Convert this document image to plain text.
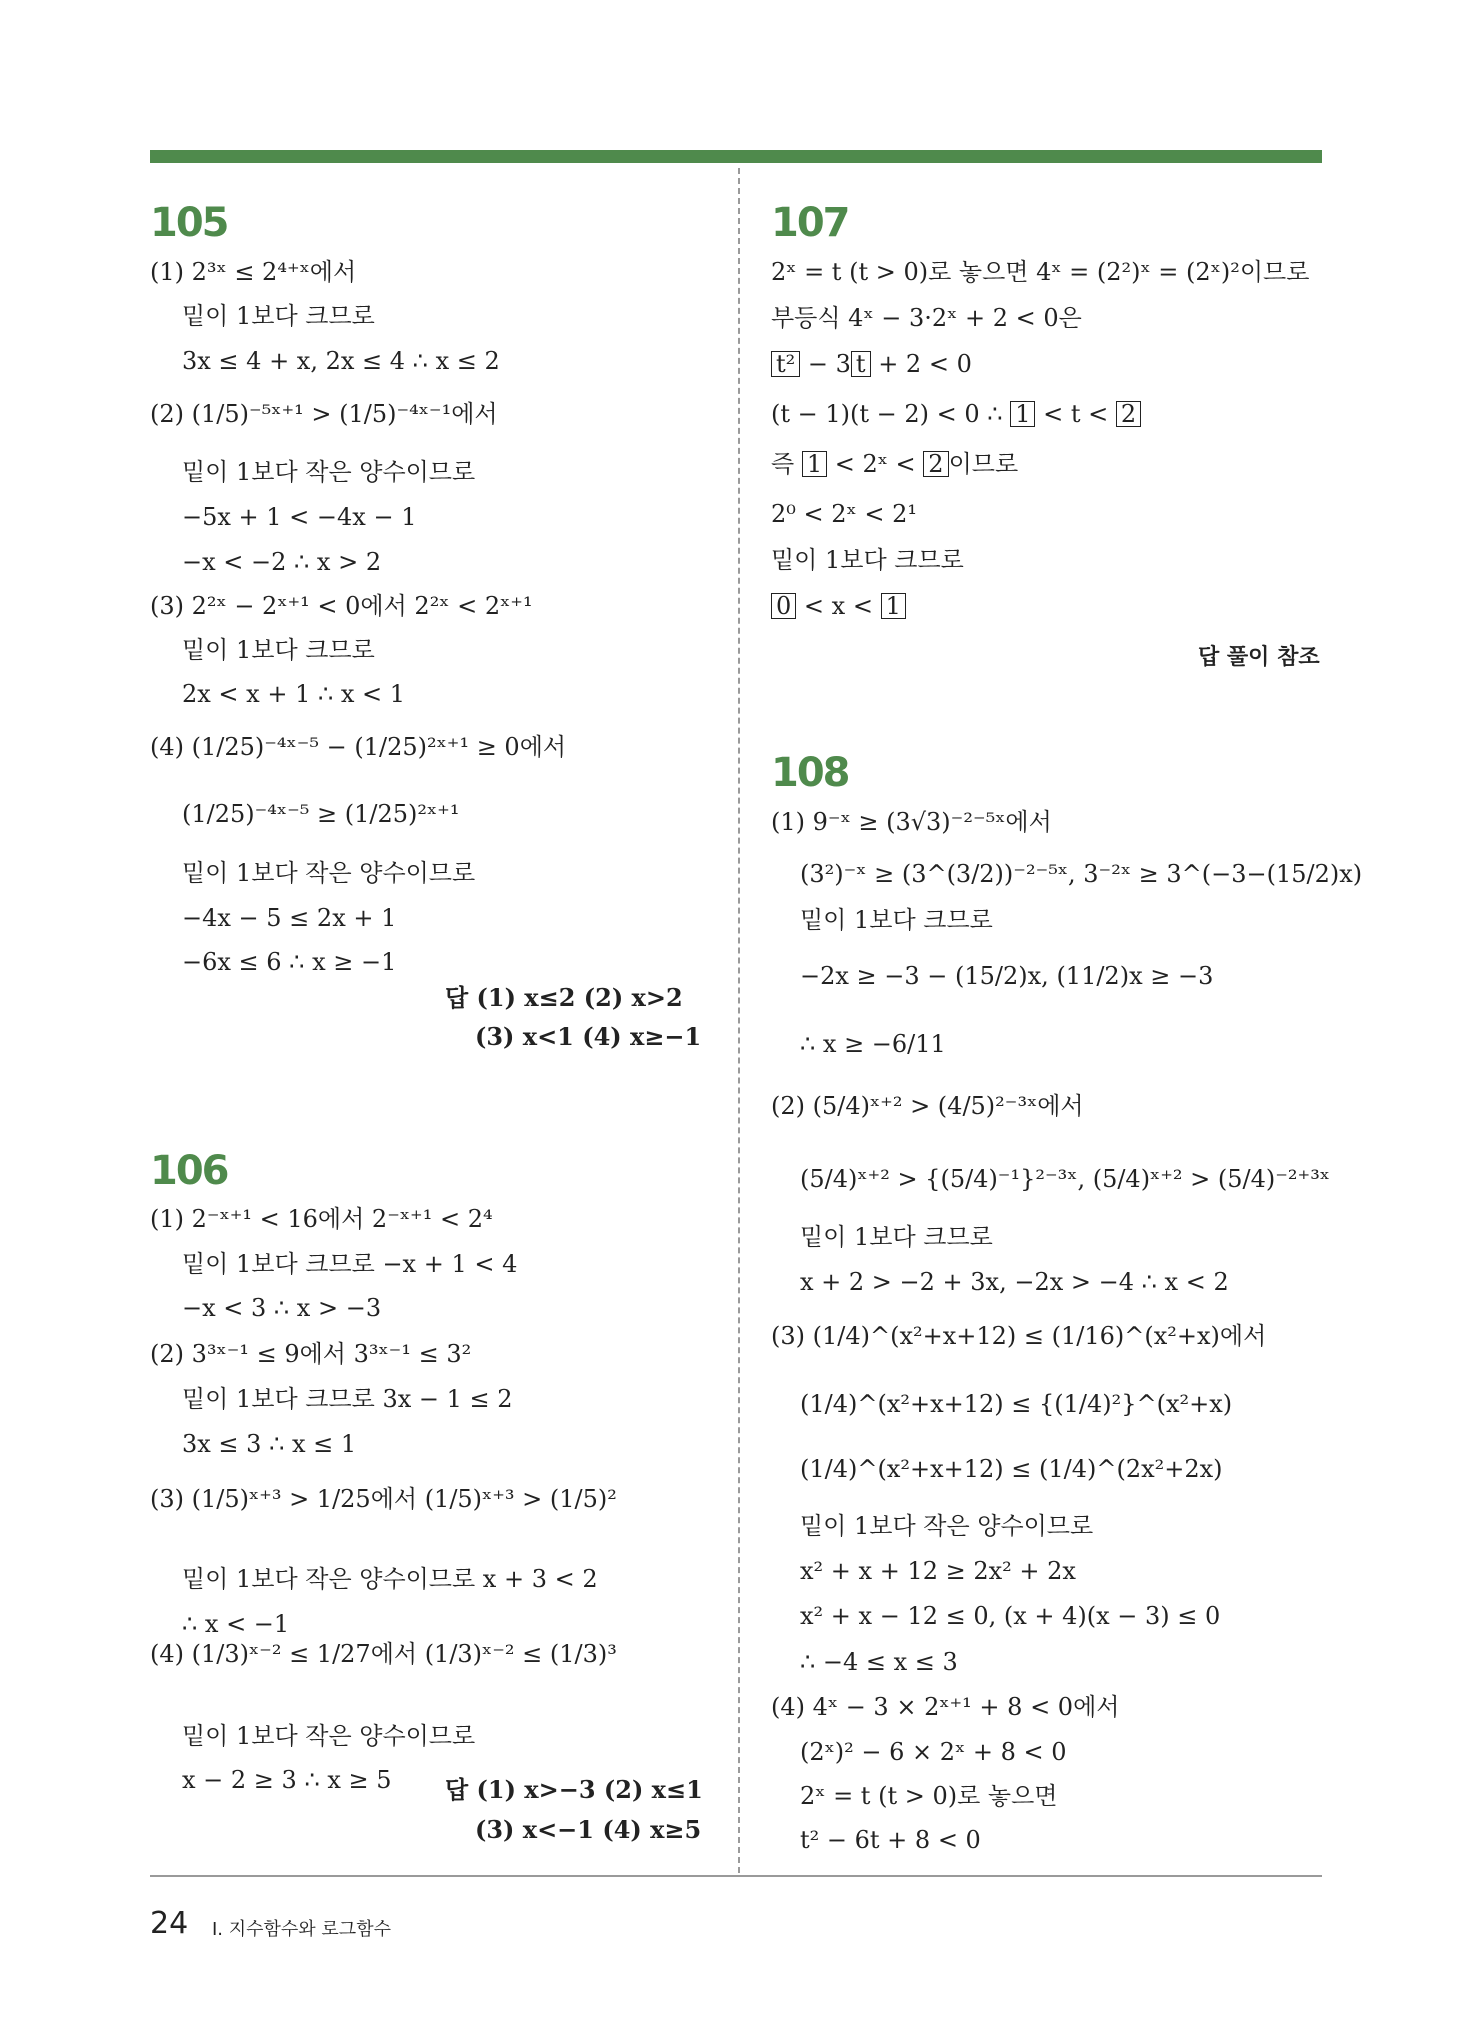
105
(1) 2³ˣ ≤ 2⁴⁺ˣ에서
밑이 1보다 크므로
3x ≤ 4 + x, 2x ≤ 4 ∴ x ≤ 2
(2) (1/5)⁻⁵ˣ⁺¹ > (1/5)⁻⁴ˣ⁻¹에서
밑이 1보다 작은 양수이므로
−5x + 1 < −4x − 1
−x < −2 ∴ x > 2
(3) 2²ˣ − 2ˣ⁺¹ < 0에서 2²ˣ < 2ˣ⁺¹
밑이 1보다 크므로
2x < x + 1 ∴ x < 1
(4) (1/25)⁻⁴ˣ⁻⁵ − (1/25)²ˣ⁺¹ ≥ 0에서
(1/25)⁻⁴ˣ⁻⁵ ≥ (1/25)²ˣ⁺¹
밑이 1보다 작은 양수이므로
−4x − 5 ≤ 2x + 1
−6x ≤ 6 ∴ x ≥ −1
답 (1) x≤2 (2) x>2
(3) x<1 (4) x≥−1
106
(1) 2⁻ˣ⁺¹ < 16에서 2⁻ˣ⁺¹ < 2⁴
밑이 1보다 크므로 −x + 1 < 4
−x < 3 ∴ x > −3
(2) 3³ˣ⁻¹ ≤ 9에서 3³ˣ⁻¹ ≤ 3²
밑이 1보다 크므로 3x − 1 ≤ 2
3x ≤ 3 ∴ x ≤ 1
(3) (1/5)ˣ⁺³ > 1/25에서 (1/5)ˣ⁺³ > (1/5)²
밑이 1보다 작은 양수이므로 x + 3 < 2
∴ x < −1
(4) (1/3)ˣ⁻² ≤ 1/27에서 (1/3)ˣ⁻² ≤ (1/3)³
밑이 1보다 작은 양수이므로
x − 2 ≥ 3 ∴ x ≥ 5 답 (1) x>−3 (2) x≤1
(3) x<−1 (4) x≥5
107
2ˣ = t (t > 0)로 놓으면 4ˣ = (2²)ˣ = (2ˣ)²이므로
부등식 4ˣ − 3·2ˣ + 2 < 0은
t² − 3 t + 2 < 0
(t − 1)(t − 2) < 0 ∴ 1 < t < 2
즉 1 < 2ˣ < 2 이므로
2⁰ < 2ˣ < 2¹
밑이 1보다 크므로
0 < x < 1
답 풀이 참조
108
(1) 9⁻ˣ ≥ (3√3)⁻²⁻⁵ˣ에서
(3²)⁻ˣ ≥ (3^(3/2))⁻²⁻⁵ˣ, 3⁻²ˣ ≥ 3^(−3−(15/2)x)
밑이 1보다 크므로
−2x ≥ −3 − (15/2)x, (11/2)x ≥ −3
∴ x ≥ −6/11
(2) (5/4)ˣ⁺² > (4/5)²⁻³ˣ에서
(5/4)ˣ⁺² > {(5/4)⁻¹}²⁻³ˣ, (5/4)ˣ⁺² > (5/4)⁻²⁺³ˣ
밑이 1보다 크므로
x + 2 > −2 + 3x, −2x > −4 ∴ x < 2
(3) (1/4)^(x²+x+12) ≤ (1/16)^(x²+x)에서
(1/4)^(x²+x+12) ≤ {(1/4)²}^(x²+x)
(1/4)^(x²+x+12) ≤ (1/4)^(2x²+2x)
밑이 1보다 작은 양수이므로
x² + x + 12 ≥ 2x² + 2x
x² + x − 12 ≤ 0, (x + 4)(x − 3) ≤ 0
∴ −4 ≤ x ≤ 3
(4) 4ˣ − 3 × 2ˣ⁺¹ + 8 < 0에서
(2ˣ)² − 6 × 2ˣ + 8 < 0
2ˣ = t (t > 0)로 놓으면
t² − 6t + 8 < 0
24 Ⅰ. 지수함수와 로그함수
